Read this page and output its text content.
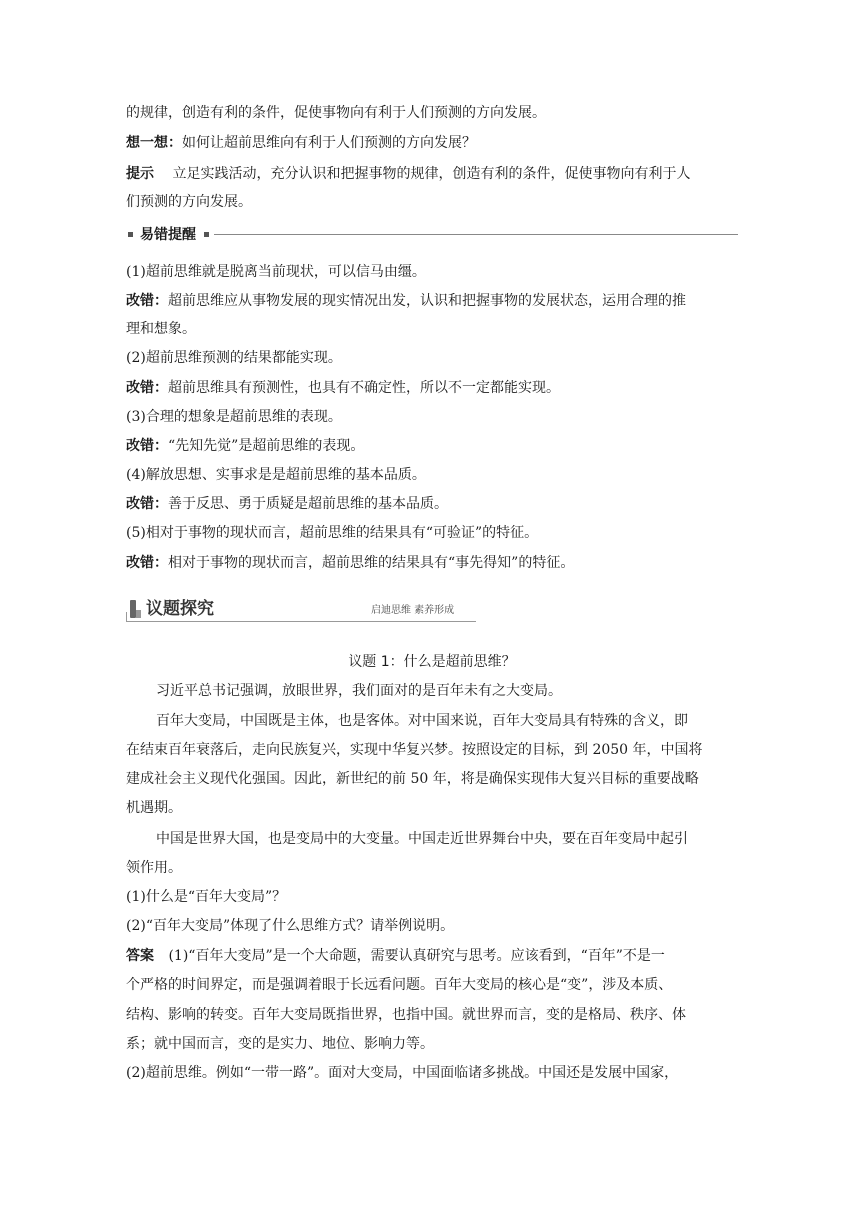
的规律，创造有利的条件，促使事物向有利于人们预测的方向发展。
想一想：如何让超前思维向有利于人们预测的方向发展？
提示 立足实践活动，充分认识和把握事物的规律，创造有利的条件，促使事物向有利于人
们预测的方向发展。
易错提醒
(1)超前思维就是脱离当前现状，可以信马由缰。
改错：超前思维应从事物发展的现实情况出发，认识和把握事物的发展状态，运用合理的推
理和想象。
(2)超前思维预测的结果都能实现。
改错：超前思维具有预测性，也具有不确定性，所以不一定都能实现。
(3)合理的想象是超前思维的表现。
改错：“先知先觉”是超前思维的表现。
(4)解放思想、实事求是是超前思维的基本品质。
改错：善于反思、勇于质疑是超前思维的基本品质。
(5)相对于事物的现状而言，超前思维的结果具有“可验证”的特征。
改错：相对于事物的现状而言，超前思维的结果具有“事先得知”的特征。
议题探究	启迪思维 素养形成
议题 1：什么是超前思维？
习近平总书记强调，放眼世界，我们面对的是百年未有之大变局。
百年大变局，中国既是主体，也是客体。对中国来说，百年大变局具有特殊的含义，即
在结束百年衰落后，走向民族复兴，实现中华复兴梦。按照设定的目标，到 2050 年，中国将
建成社会主义现代化强国。因此，新世纪的前 50 年，将是确保实现伟大复兴目标的重要战略
机遇期。
中国是世界大国，也是变局中的大变量。中国走近世界舞台中央，要在百年变局中起引
领作用。
(1)什么是“百年大变局”？
(2)“百年大变局”体现了什么思维方式？请举例说明。
答案 (1)“百年大变局”是一个大命题，需要认真研究与思考。应该看到，“百年”不是一
个严格的时间界定，而是强调着眼于长远看问题。百年大变局的核心是“变”，涉及本质、
结构、影响的转变。百年大变局既指世界，也指中国。就世界而言，变的是格局、秩序、体
系；就中国而言，变的是实力、地位、影响力等。
(2)超前思维。例如“一带一路”。面对大变局，中国面临诸多挑战。中国还是发展中国家，
